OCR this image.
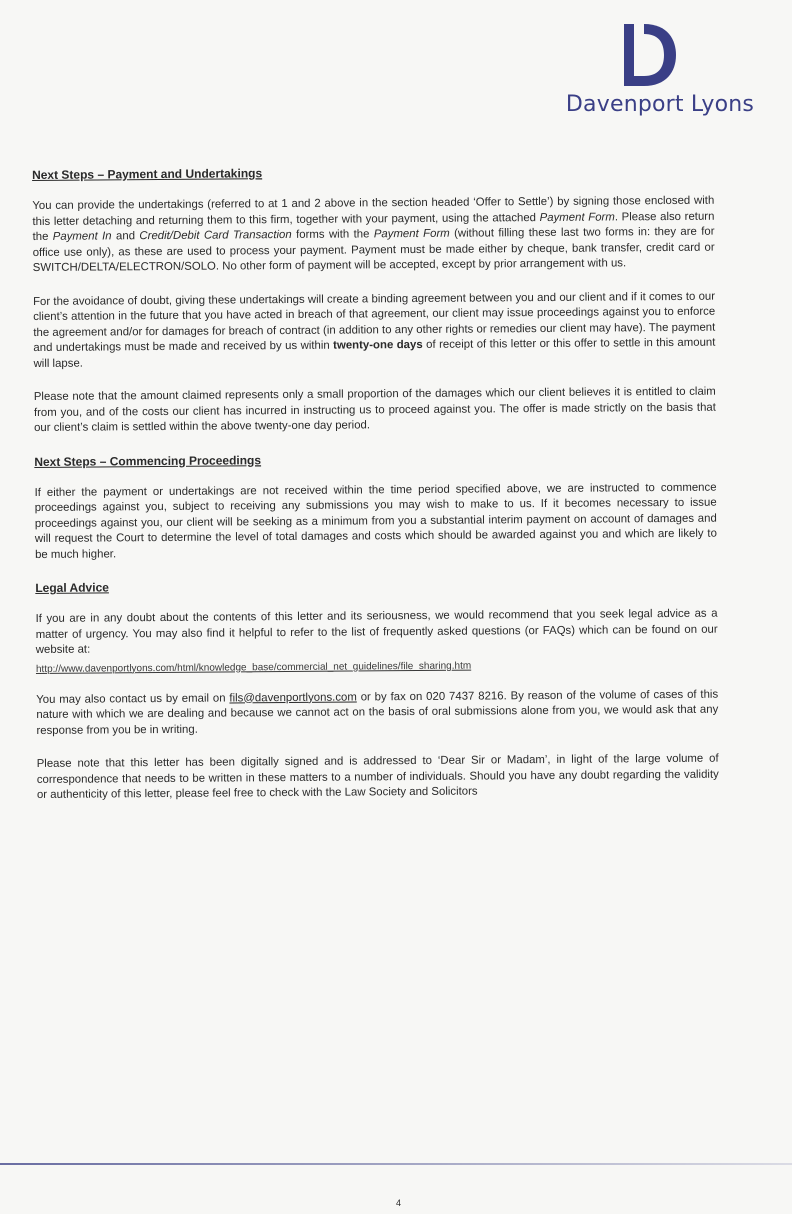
Davenport Lyons
Next Steps – Payment and Undertakings

You can provide the undertakings (referred to at 1 and 2 above in the section headed ‘Offer to Settle’) by signing those enclosed with this letter detaching and returning them to this firm, together with your payment, using the attached Payment Form. Please also return the Payment In and Credit/Debit Card Transaction forms with the Payment Form (without filling these last two forms in: they are for office use only), as these are used to process your payment. Payment must be made either by cheque, bank transfer, credit card or SWITCH/DELTA/ELECTRON/SOLO. No other form of payment will be accepted, except by prior arrangement with us.

For the avoidance of doubt, giving these undertakings will create a binding agreement between you and our client and if it comes to our client’s attention in the future that you have acted in breach of that agreement, our client may issue proceedings against you to enforce the agreement and/or for damages for breach of contract (in addition to any other rights or remedies our client may have). The payment and undertakings must be made and received by us within twenty-one days of receipt of this letter or this offer to settle in this amount will lapse.

Please note that the amount claimed represents only a small proportion of the damages which our client believes it is entitled to claim from you, and of the costs our client has incurred in instructing us to proceed against you. The offer is made strictly on the basis that our client’s claim is settled within the above twenty-one day period.

Next Steps – Commencing Proceedings

If either the payment or undertakings are not received within the time period specified above, we are instructed to commence proceedings against you, subject to receiving any submissions you may wish to make to us. If it becomes necessary to issue proceedings against you, our client will be seeking as a minimum from you a substantial interim payment on account of damages and will request the Court to determine the level of total damages and costs which should be awarded against you and which are likely to be much higher.

Legal Advice

If you are in any doubt about the contents of this letter and its seriousness, we would recommend that you seek legal advice as a matter of urgency. You may also find it helpful to refer to the list of frequently asked questions (or FAQs) which can be found on our website at:

http://www.davenportlyons.com/html/knowledge_base/commercial_net_guidelines/file_sharing.htm

You may also contact us by email on fils@davenportlyons.com or by fax on 020 7437 8216. By reason of the volume of cases of this nature with which we are dealing and because we cannot act on the basis of oral submissions alone from you, we would ask that any response from you be in writing.

Please note that this letter has been digitally signed and is addressed to ‘Dear Sir or Madam’, in light of the large volume of correspondence that needs to be written in these matters to a number of individuals. Should you have any doubt regarding the validity or authenticity of this letter, please feel free to check with the Law Society and Solicitors

4
